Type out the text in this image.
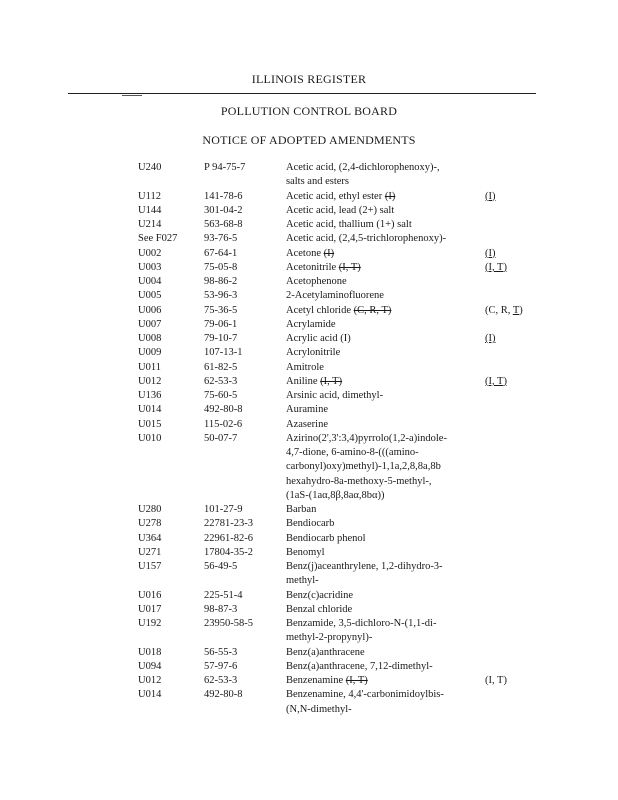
ILLINOIS REGISTER
POLLUTION CONTROL BOARD
NOTICE OF ADOPTED AMENDMENTS
U240	P 94-75-7	Acetic acid, (2,4-dichlorophenoxy)-,
salts and esters
U112	141-78-6	Acetic acid, ethyl ester (I)	(I)
U144	301-04-2	Acetic acid, lead (2+) salt
U214	563-68-8	Acetic acid, thallium (1+) salt
See F027	93-76-5	Acetic acid, (2,4,5-trichlorophenoxy)-
U002	67-64-1	Acetone (I)	(I)
U003	75-05-8	Acetonitrile (I, T)	(I, T)
U004	98-86-2	Acetophenone
U005	53-96-3	2-Acetylaminofluorene
U006	75-36-5	Acetyl chloride (C, R, T)	(C, R, T)
U007	79-06-1	Acrylamide
U008	79-10-7	Acrylic acid (I)	(I)
U009	107-13-1	Acrylonitrile
U011	61-82-5	Amitrole
U012	62-53-3	Aniline (I, T)	(I, T)
U136	75-60-5	Arsinic acid, dimethyl-
U014	492-80-8	Auramine
U015	115-02-6	Azaserine
U010	50-07-7	Azirino(2',3':3,4)pyrrolo(1,2-a)indole-
4,7-dione, 6-amino-8-(((amino-
carbonyl)oxy)methyl)-1,1a,2,8,8a,8b
hexahydro-8a-methoxy-5-methyl-,
(1aS-(1aα,8β,8aα,8bα))
U280	101-27-9	Barban
U278	22781-23-3	Bendiocarb
U364	22961-82-6	Bendiocarb phenol
U271	17804-35-2	Benomyl
U157	56-49-5	Benz(j)aceanthrylene, 1,2-dihydro-3-
methyl-
U016	225-51-4	Benz(c)acridine
U017	98-87-3	Benzal chloride
U192	23950-58-5	Benzamide, 3,5-dichloro-N-(1,1-di-
methyl-2-propynyl)-
U018	56-55-3	Benz(a)anthracene
U094	57-97-6	Benz(a)anthracene, 7,12-dimethyl-
U012	62-53-3	Benzenamine (I, T)	(I, T)
U014	492-80-8	Benzenamine, 4,4'-carbonimidoylbis-
(N,N-dimethyl-
